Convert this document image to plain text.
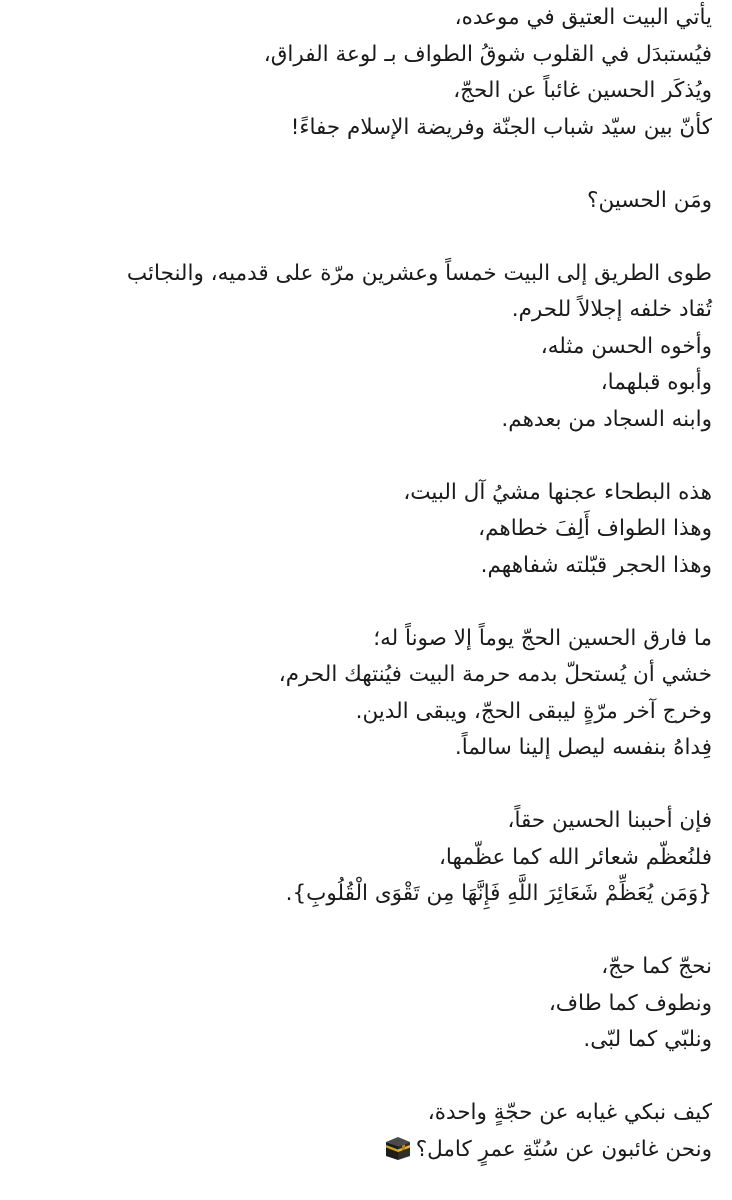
يأتي البيت العتيق في موعده،
فيُستبدَل في القلوب شوقُ الطواف بـ لوعة الفراق،
ويُذكَر الحسين غائباً عن الحجّ،
كأنّ بين سيّد شباب الجنّة وفريضة الإسلام جفاءً!
ومَن الحسين؟
طوى الطريق إلى البيت خمساً وعشرين مرّة على قدميه، والنجائب
تُقاد خلفه إجلالاً للحرم.
وأخوه الحسن مثله،
وأبوه قبلهما،
وابنه السجاد من بعدهم.
هذه البطحاء عجنها مشيُ آل البيت،
وهذا الطواف أَلِفَ خطاهم،
وهذا الحجر قبّلته شفاههم.
ما فارق الحسين الحجّ يوماً إلا صوناً له؛
خشي أن يُستحلّ بدمه حرمة البيت فيُنتهك الحرم،
وخرج آخر مرّةٍ ليبقى الحجّ، ويبقى الدين.
فِداهُ بنفسه ليصل إلينا سالماً.
فإن أحببنا الحسين حقاً،
فلنُعظّم شعائر الله كما عظّمها،
{وَمَن يُعَظِّمْ شَعَائِرَ اللَّهِ فَإِنَّهَا مِن تَقْوَى الْقُلُوبِ}.
نحجّ كما حجّ،
ونطوف كما طاف،
ونلبّي كما لبّى.
كيف نبكي غيابه عن حجّةٍ واحدة،
ونحن غائبون عن سُنّةِ عمرٍ كامل؟
